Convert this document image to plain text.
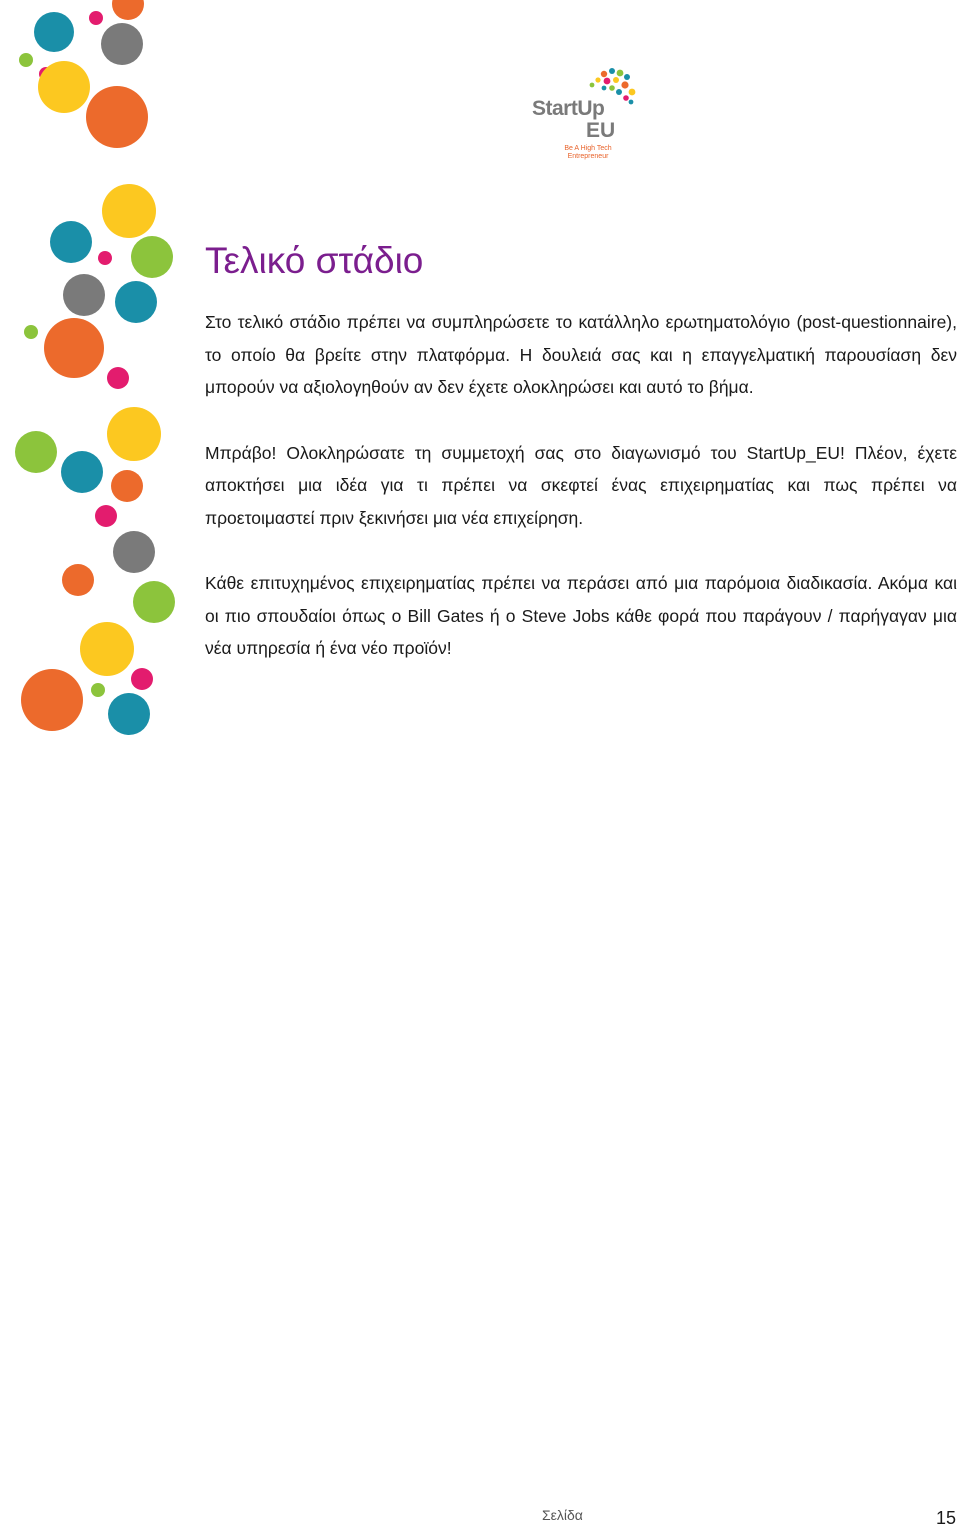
StartUp
EU
Be A High Tech Entrepreneur
Τελικό στάδιο

Στο τελικό στάδιο πρέπει να συμπληρώσετε το κατάλληλο ερωτηματολόγιο (post-questionnaire), το οποίο θα βρείτε στην πλατφόρμα. Η δουλειά σας και η επαγγελματική παρουσίαση δεν μπορούν να αξιολογηθούν αν δεν έχετε ολοκληρώσει και αυτό το βήμα.

Μπράβο! Ολοκληρώσατε τη συμμετοχή σας στο διαγωνισμό του StartUp_EU! Πλέον, έχετε αποκτήσει μια ιδέα για τι πρέπει να σκεφτεί ένας επιχειρηματίας και πως πρέπει να προετοιμαστεί πριν ξεκινήσει μια νέα επιχείρηση.

Κάθε επιτυχημένος επιχειρηματίας πρέπει να περάσει από μια παρόμοια διαδικασία. Ακόμα και οι πιο σπουδαίοι όπως ο Bill Gates ή ο Steve Jobs κάθε φορά που παράγουν / παρήγαγαν μια νέα υπηρεσία ή ένα νέο προϊόν!

Σελίδα	15
